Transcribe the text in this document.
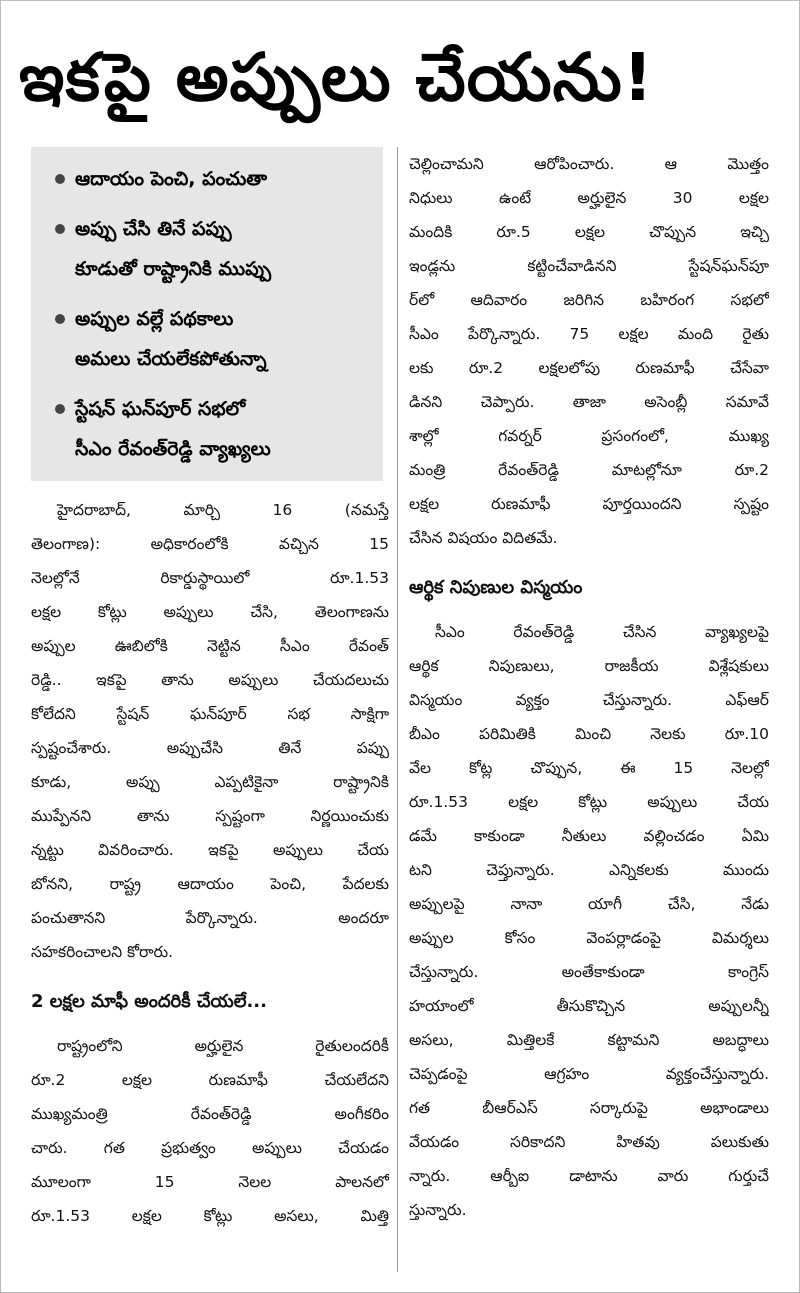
ఇకపై అప్పులు చేయను!
ఆదాయం పెంచి, పంచుతా
అప్పు చేసి తినే పప్పు
కూడుతో రాష్ట్రానికి ముప్పు
అప్పుల వల్లే పథకాలు
అమలు చేయలేకపోతున్నా
స్టేషన్ ఘన్‌పూర్ సభలో
సీఎం రేవంత్‌రెడ్డి వ్యాఖ్యలు
హైదరాబాద్, మార్చి 16 (నమస్తే
తెలంగాణ): అధికారంలోకి వచ్చిన 15
నెలల్లోనే రికార్డుస్థాయిలో రూ.1.53
లక్షల కోట్లు అప్పులు చేసి, తెలంగాణను
అప్పుల ఊబిలోకి నెట్టిన సీఎం రేవంత్
రెడ్డి.. ఇకపై తాను అప్పులు చేయదలుచు
కోలేదని స్టేషన్ ఘన్‌పూర్ సభ సాక్షిగా
స్పష్టంచేశారు. అప్పుచేసి తినే పప్పు
కూడు, అప్పు ఎప్పటికైనా రాష్ట్రానికి
ముప్పేనని తాను స్పష్టంగా నిర్ణయించుకు
న్నట్టు వివరించారు. ఇకపై అప్పులు చేయ
బోనని, రాష్ట్ర ఆదాయం పెంచి, పేదలకు
పంచుతానని పేర్కొన్నారు. అందరూ
సహకరించాలని కోరారు.
2 లక్షల మాఫీ అందరికీ చేయలే...
రాష్ట్రంలోని అర్హులైన రైతులందరికీ
రూ.2 లక్షల రుణమాఫీ చేయలేదని
ముఖ్యమంత్రి రేవంత్‌రెడ్డి అంగీకరిం
చారు. గత ప్రభుత్వం అప్పులు చేయడం
మూలంగా 15 నెలల పాలనలో
రూ.1.53 లక్షల కోట్లు అసలు, మిత్తి
చెల్లించామని ఆరోపించారు. ఆ మొత్తం
నిధులు ఉంటే అర్హులైన 30 లక్షల
మందికి రూ.5 లక్షల చొప్పున ఇచ్చి
ఇండ్లను కట్టించేవాడినని స్టేషన్‌ఘన్‌పూ
ర్‌లో ఆదివారం జరిగిన బహిరంగ సభలో
సీఎం పేర్కొన్నారు. 75 లక్షల మంది రైతు
లకు రూ.2 లక్షలలోపు రుణమాఫీ చేసేవా
డినని చెప్పారు. తాజా అసెంబ్లీ సమావే
శాల్లో గవర్నర్ ప్రసంగంలో, ముఖ్య
మంత్రి రేవంత్‌రెడ్డి మాటల్లోనూ రూ.2
లక్షల రుణమాఫీ పూర్తయిందని స్పష్టం
చేసిన విషయం విదితమే.
ఆర్థిక నిపుణుల విస్మయం
సీఎం రేవంత్‌రెడ్డి చేసిన వ్యాఖ్యలపై
ఆర్థిక నిపుణులు, రాజకీయ విశ్లేషకులు
విస్మయం వ్యక్తం చేస్తున్నారు. ఎఫ్ఆర్
బీఎం పరిమితికి మించి నెలకు రూ.10
వేల కోట్ల చొప్పున, ఈ 15 నెలల్లో
రూ.1.53 లక్షల కోట్లు అప్పులు చేయ
డమే కాకుండా నీతులు వల్లించడం ఏమి
టని చెప్తున్నారు. ఎన్నికలకు ముందు
అప్పులపై నానా యాగీ చేసి, నేడు
అప్పుల కోసం వెంపర్లాడంపై విమర్శలు
చేస్తున్నారు. అంతేకాకుండా కాంగ్రెస్
హయాంలో తీసుకొచ్చిన అప్పులన్నీ
అసలు, మిత్తిలకే కట్టామని అబద్ధాలు
చెప్పడంపై ఆగ్రహం వ్యక్తంచేస్తున్నారు.
గత బీఆర్ఎస్ సర్కారుపై అభాండాలు
వేయడం సరికాదని హితవు పలుకుతు
న్నారు. ఆర్బీఐ డాటాను వారు గుర్తుచే
స్తున్నారు.
